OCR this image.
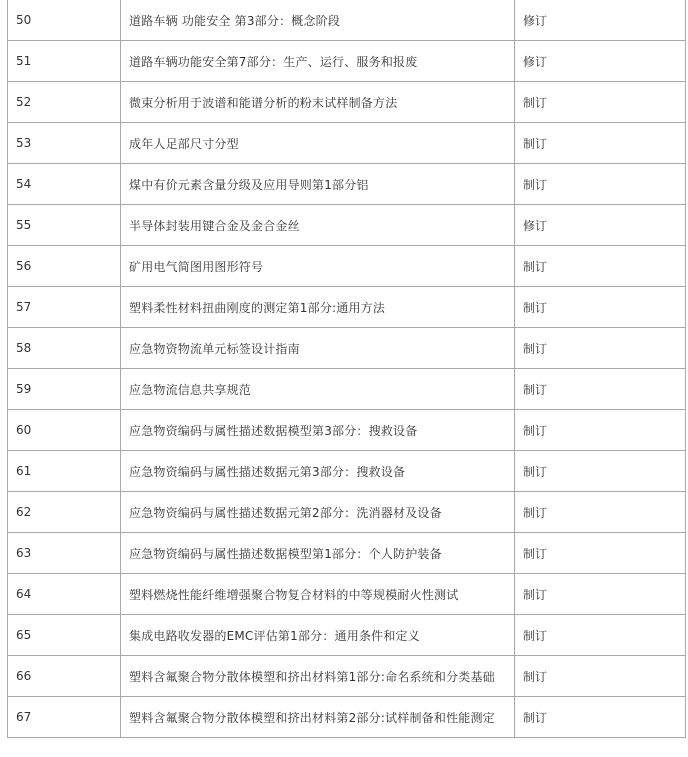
50	道路车辆 功能安全 第3部分：概念阶段	修订
51	道路车辆功能安全第7部分：生产、运行、服务和报废	修订
52	微束分析用于波谱和能谱分析的粉末试样制备方法	制订
53	成年人足部尺寸分型	制订
54	煤中有价元素含量分级及应用导则第1部分铝	制订
55	半导体封装用键合金及金合金丝	修订
56	矿用电气简图用图形符号	制订
57	塑料柔性材料扭曲刚度的测定第1部分:通用方法	制订
58	应急物资物流单元标签设计指南	制订
59	应急物流信息共享规范	制订
60	应急物资编码与属性描述数据模型第3部分：搜救设备	制订
61	应急物资编码与属性描述数据元第3部分：搜救设备	制订
62	应急物资编码与属性描述数据元第2部分：洗消器材及设备	制订
63	应急物资编码与属性描述数据模型第1部分：个人防护装备	制订
64	塑料燃烧性能纤维增强聚合物复合材料的中等规模耐火性测试	制订
65	集成电路收发器的EMC评估第1部分：通用条件和定义	制订
66	塑料含氟聚合物分散体模塑和挤出材料第1部分:命名系统和分类基础	制订
67	塑料含氟聚合物分散体模塑和挤出材料第2部分:试样制备和性能测定	制订
